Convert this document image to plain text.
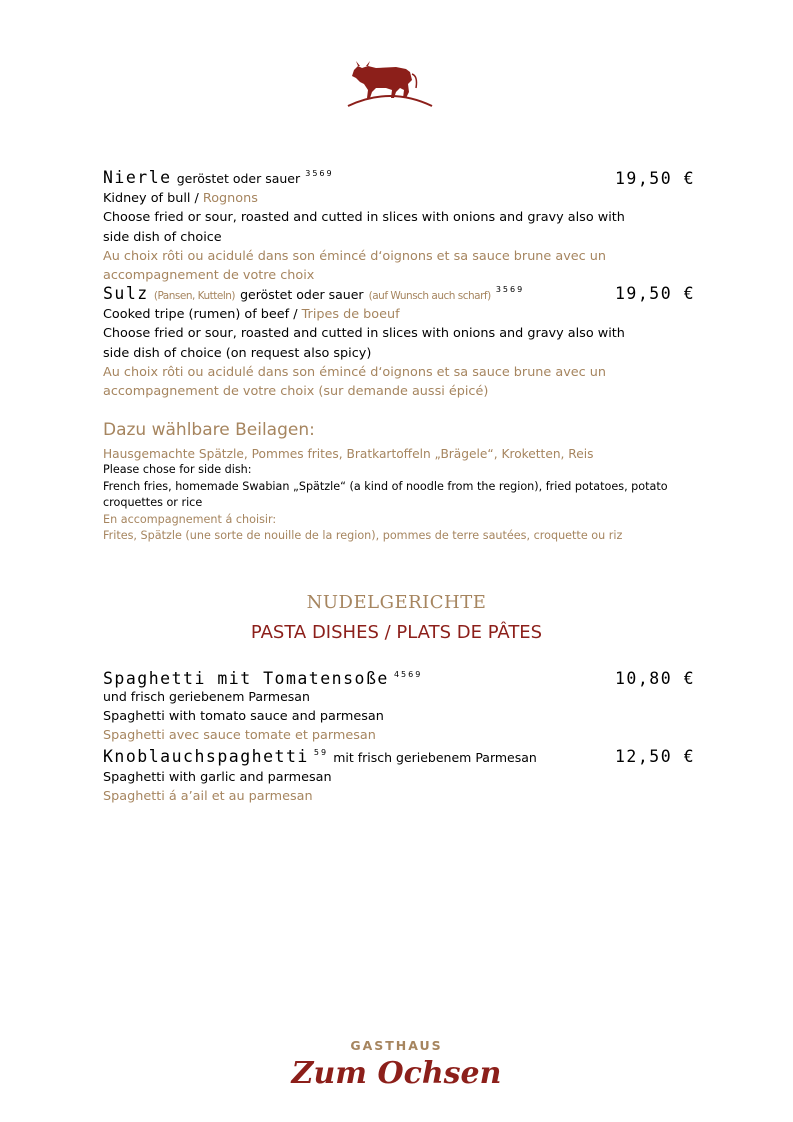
Nierle geröstet oder sauer $^{3569}$
Kidney of bull / Rognons
Choose fried or sour, roasted and cutted in slices with onions and gravy also with
side dish of choice
Au choix rôti ou acidulé dans son émincé d‘oignons et sa sauce brune avec un
accompagnement de votre choix
19,50 €
Sulz (Pansen, Kutteln) geröstet oder sauer (auf Wunsch auch scharf) $^{3569}$
Cooked tripe (rumen) of beef / Tripes de boeuf
Choose fried or sour, roasted and cutted in slices with onions and gravy also with
side dish of choice (on request also spicy)
Au choix rôti ou acidulé dans son émincé d‘oignons et sa sauce brune avec un
accompagnement de votre choix (sur demande aussi épicé)
19,50 €
Dazu wählbare Beilagen:
Hausgemachte Spätzle, Pommes frites, Bratkartoffeln „Brägele“, Kroketten, Reis
Please chose for side dish:
French fries, homemade Swabian „Spätzle“ (a kind of noodle from the region), fried potatoes, potato
croquettes or rice
En accompagnement á choisir:
Frites, Spätzle (une sorte de nouille de la region), pommes de terre sautées, croquette ou riz
NUDELGERICHTE
PASTA DISHES / PLATS DE PÂTES
Spaghetti mit Tomatensoße $^{4569}$
und frisch geriebenem Parmesan
Spaghetti with tomato sauce and parmesan
Spaghetti avec sauce tomate et parmesan
10,80 €
Knoblauchspaghetti $^{59}$ mit frisch geriebenem Parmesan
Spaghetti with garlic and parmesan
Spaghetti á a’ail et au parmesan
12,50 €
GASTHAUS
Zum Ochsen
